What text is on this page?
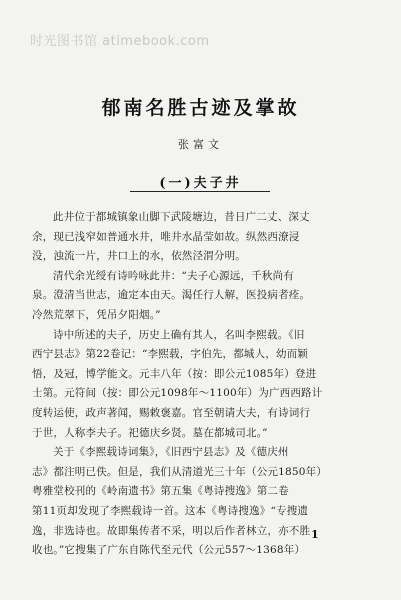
时光图书馆 atimebook.com
郁南名胜古迹及掌故
张富文
(一)夫子井
此井位于都城镇象山脚下武陵塘边，昔日广二丈、深丈
余，现已浅窄如普通水井，唯井水晶莹如故。纵然西潦浸
没，浊流一片，井口上的水，依然泾渭分明。
清代余光绶有诗吟咏此井：“夫子心源远，千秋尚有
泉。澄清当世志，逾定本由天。渴任行人解，医投病者痊。
冷然荒翠下，凭吊夕阳烟。”
诗中所述的夫子，历史上确有其人，名叫李熙载。《旧
西宁县志》第22卷记：“李熙载，字伯先，都城人，幼而颖
悟，及冠，博学能文。元丰八年（按：即公元1085年）登进
士第。元符间（按：即公元1098年～1100年）为广西西路计
度转运使，政声著闻，赐敕褒嘉。官至朝请大夫，有诗词行
于世，人称李夫子。祀德庆乡贤。墓在都城司北。”
关于《李熙载诗词集》，《旧西宁县志》及《德庆州
志》都注明已佚。但是，我们从清道光三十年（公元1850年）
粤雅堂校刊的《岭南遗书》第五集《粤诗搜逸》第二卷
第11页却发现了李熙载诗一首。这本《粤诗搜逸》“专搜遗
逸，非选诗也。故即集传者不采，明以后作者林立，亦不胜
收也。”它搜集了广东自陈代至元代（公元557～1368年）
1
